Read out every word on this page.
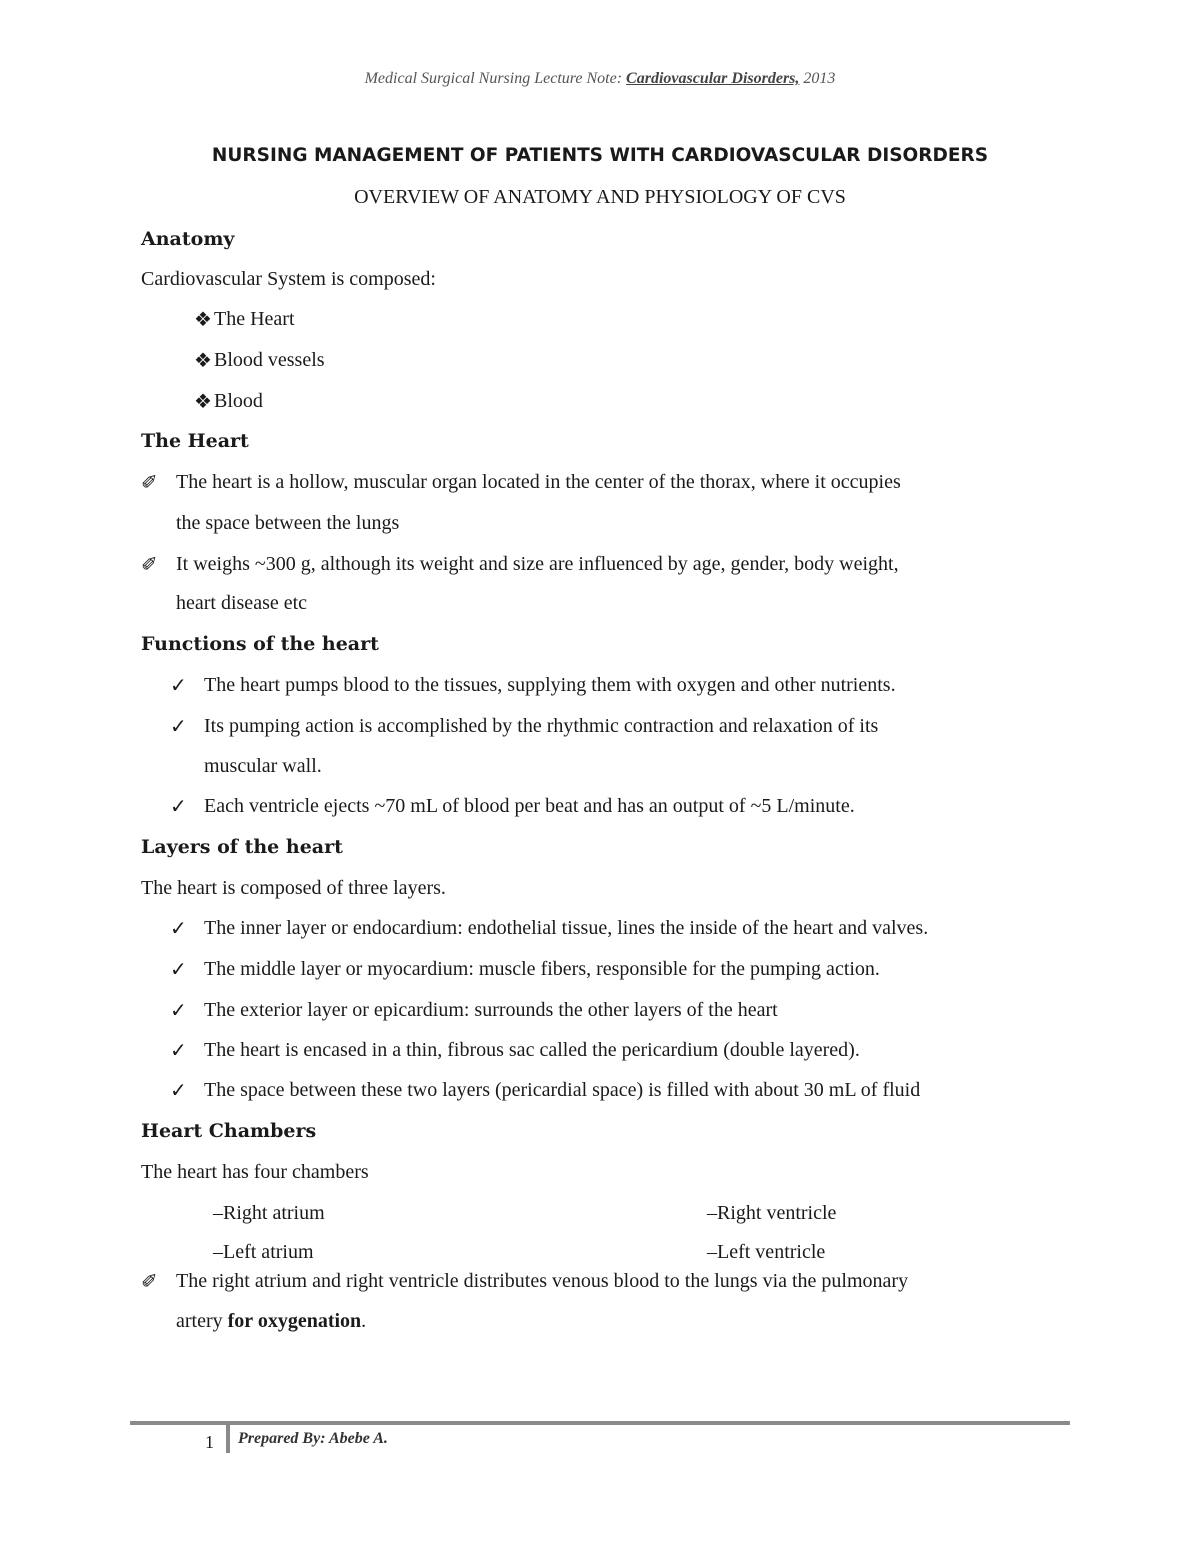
Medical Surgical Nursing Lecture Note: Cardiovascular Disorders, 2013
NURSING MANAGEMENT OF PATIENTS WITH CARDIOVASCULAR DISORDERS
OVERVIEW OF ANATOMY AND PHYSIOLOGY OF CVS
Anatomy
Cardiovascular System is composed:
❖ The Heart
❖ Blood vessels
❖ Blood
The Heart
✐ The heart is a hollow, muscular organ located in the center of the thorax, where it occupies
the space between the lungs
✐ It weighs ~300 g, although its weight and size are influenced by age, gender, body weight,
heart disease etc
Functions of the heart
✓ The heart pumps blood to the tissues, supplying them with oxygen and other nutrients.
✓ Its pumping action is accomplished by the rhythmic contraction and relaxation of its
muscular wall.
✓ Each ventricle ejects ~70 mL of blood per beat and has an output of ~5 L/minute.
Layers of the heart
The heart is composed of three layers.
✓ The inner layer or endocardium: endothelial tissue, lines the inside of the heart and valves.
✓ The middle layer or myocardium: muscle fibers, responsible for the pumping action.
✓ The exterior layer or epicardium: surrounds the other layers of the heart
✓ The heart is encased in a thin, fibrous sac called the pericardium (double layered).
✓ The space between these two layers (pericardial space) is filled with about 30 mL of fluid
Heart Chambers
The heart has four chambers
–Right atrium	–Right ventricle
–Left atrium	–Left ventricle
✐ The right atrium and right ventricle distributes venous blood to the lungs via the pulmonary
artery for oxygenation.
1 Prepared By: Abebe A.
